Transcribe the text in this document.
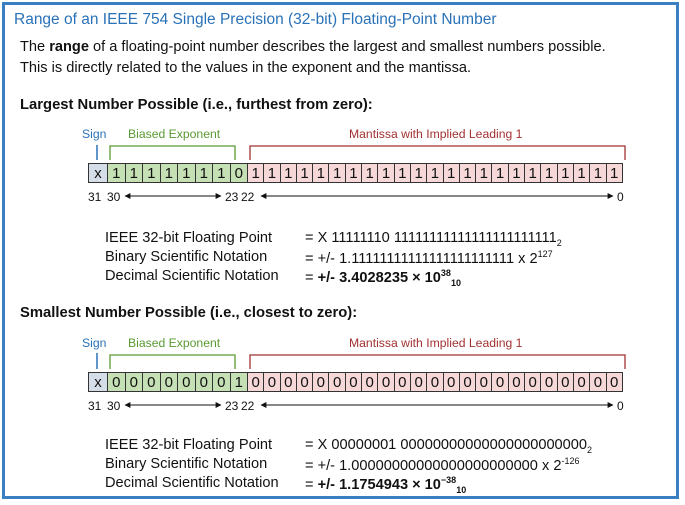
Range of an IEEE 754 Single Precision (32-bit) Floating-Point Number
The range of a floating-point number describes the largest and smallest numbers possible.
This is directly related to the values in the exponent and the mantissa.
Largest Number Possible (i.e., furthest from zero):
Sign Biased Exponent	Mantissa with Implied Leading 1
x 1 1 1 1 1 1 1 0 1 1 1 1 1 1 1 1 1 1 1 1 1 1 1 1 1 1 1 1 1 1 1
31 30	23 22	0
IEEE 32-bit Floating Point = X 11111110 $11111111111111111111111_2$
Binary Scientific Notation	= +/- 1.11111111111111111111111 x $2^{127}$
Decimal Scientific Notation = +/- $3.4028235 \times 10^{38}_{10}$
Smallest Number Possible (i.e., closest to zero):
Sign Biased Exponent	Mantissa with Implied Leading 1
x 0 0 0 0 0 0 0 1 0 0 0 0 0 0 0 0 0 0 0 0 0 0 0 0 0 0 0 0 0 0 0
31 30	23 22	0
IEEE 32-bit Floating Point = X 00000001 $00000000000000000000000_2$
Binary Scientific Notation	= +/- 1.00000000000000000000000 x $2^{-126}$
Decimal Scientific Notation = +/- $1.1754943 \times 10^{-38}_{10}$
